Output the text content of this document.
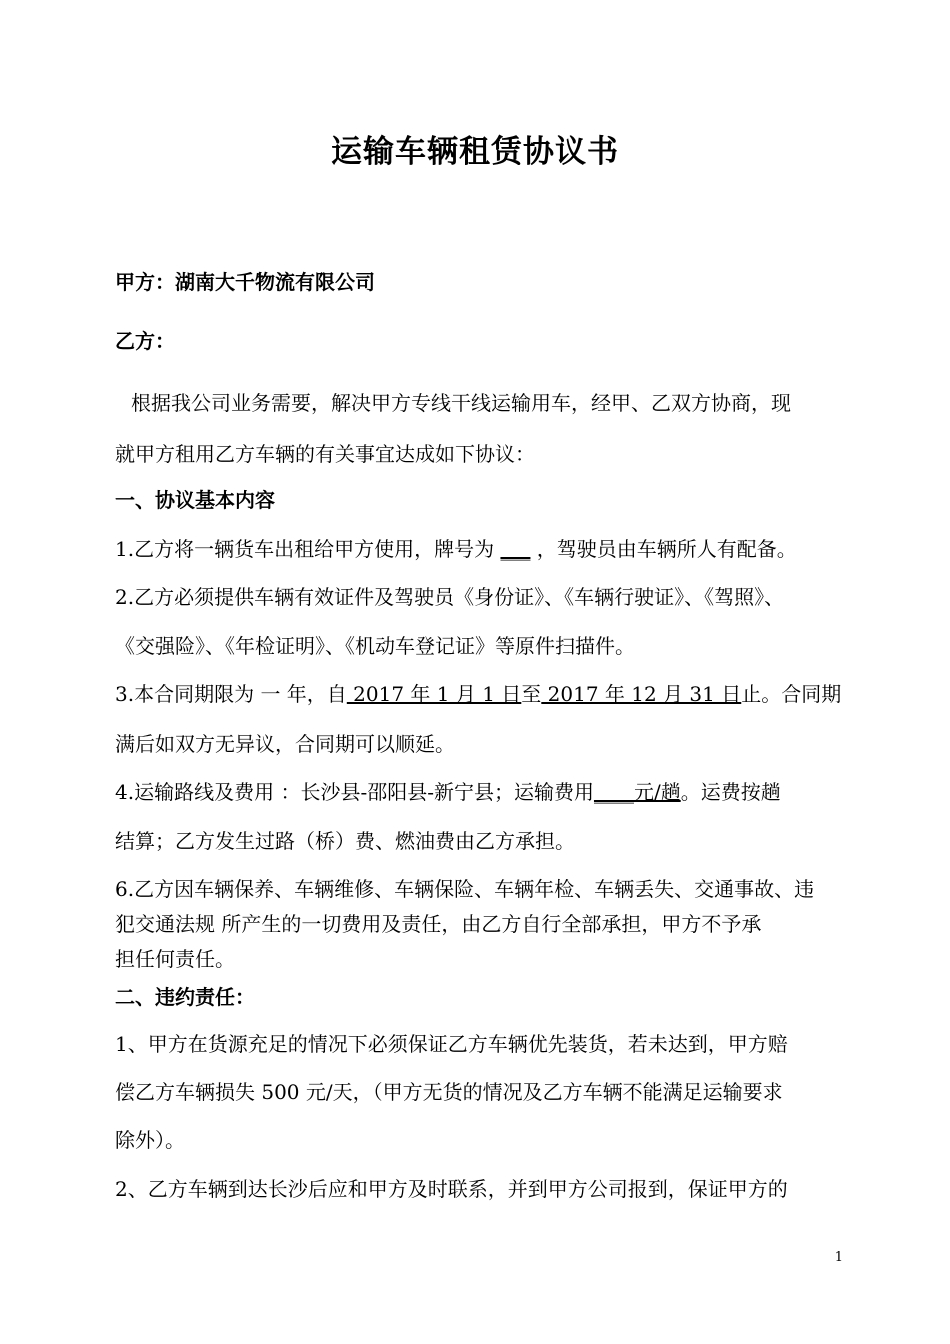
运输车辆租赁协议书

甲方：湖南大千物流有限公司

乙方：

根据我公司业务需要，解决甲方专线干线运输用车，经甲、乙双方协商，现

就甲方租用乙方车辆的有关事宜达成如下协议：

一、协议基本内容

1.乙方将一辆货车出租给甲方使用，牌号为 ___ ，驾驶员由车辆所人有配备。

2.乙方必须提供车辆有效证件及驾驶员《身份证》、《车辆行驶证》、《驾照》、

《交强险》、《年检证明》、《机动车登记证》等原件扫描件。

3.本合同期限为 一 年，自 2017 年 1 月 1 日至 2017 年 12 月 31 日止。合同期

满后如双方无异议，合同期可以顺延。

4.运输路线及费用 ：长沙县-邵阳县-新宁县；运输费用____元/趟。运费按趟

结算；乙方发生过路（桥）费、燃油费由乙方承担。

6.乙方因车辆保养、车辆维修、车辆保险、车辆年检、车辆丢失、交通事故、违

犯交通法规 所产生的一切费用及责任，由乙方自行全部承担，甲方不予承

担任何责任。

二、违约责任：

1、甲方在货源充足的情况下必须保证乙方车辆优先装货，若未达到，甲方赔

偿乙方车辆损失 500 元/天，（甲方无货的情况及乙方车辆不能满足运输要求

除外）。

2、乙方车辆到达长沙后应和甲方及时联系，并到甲方公司报到，保证甲方的

1
